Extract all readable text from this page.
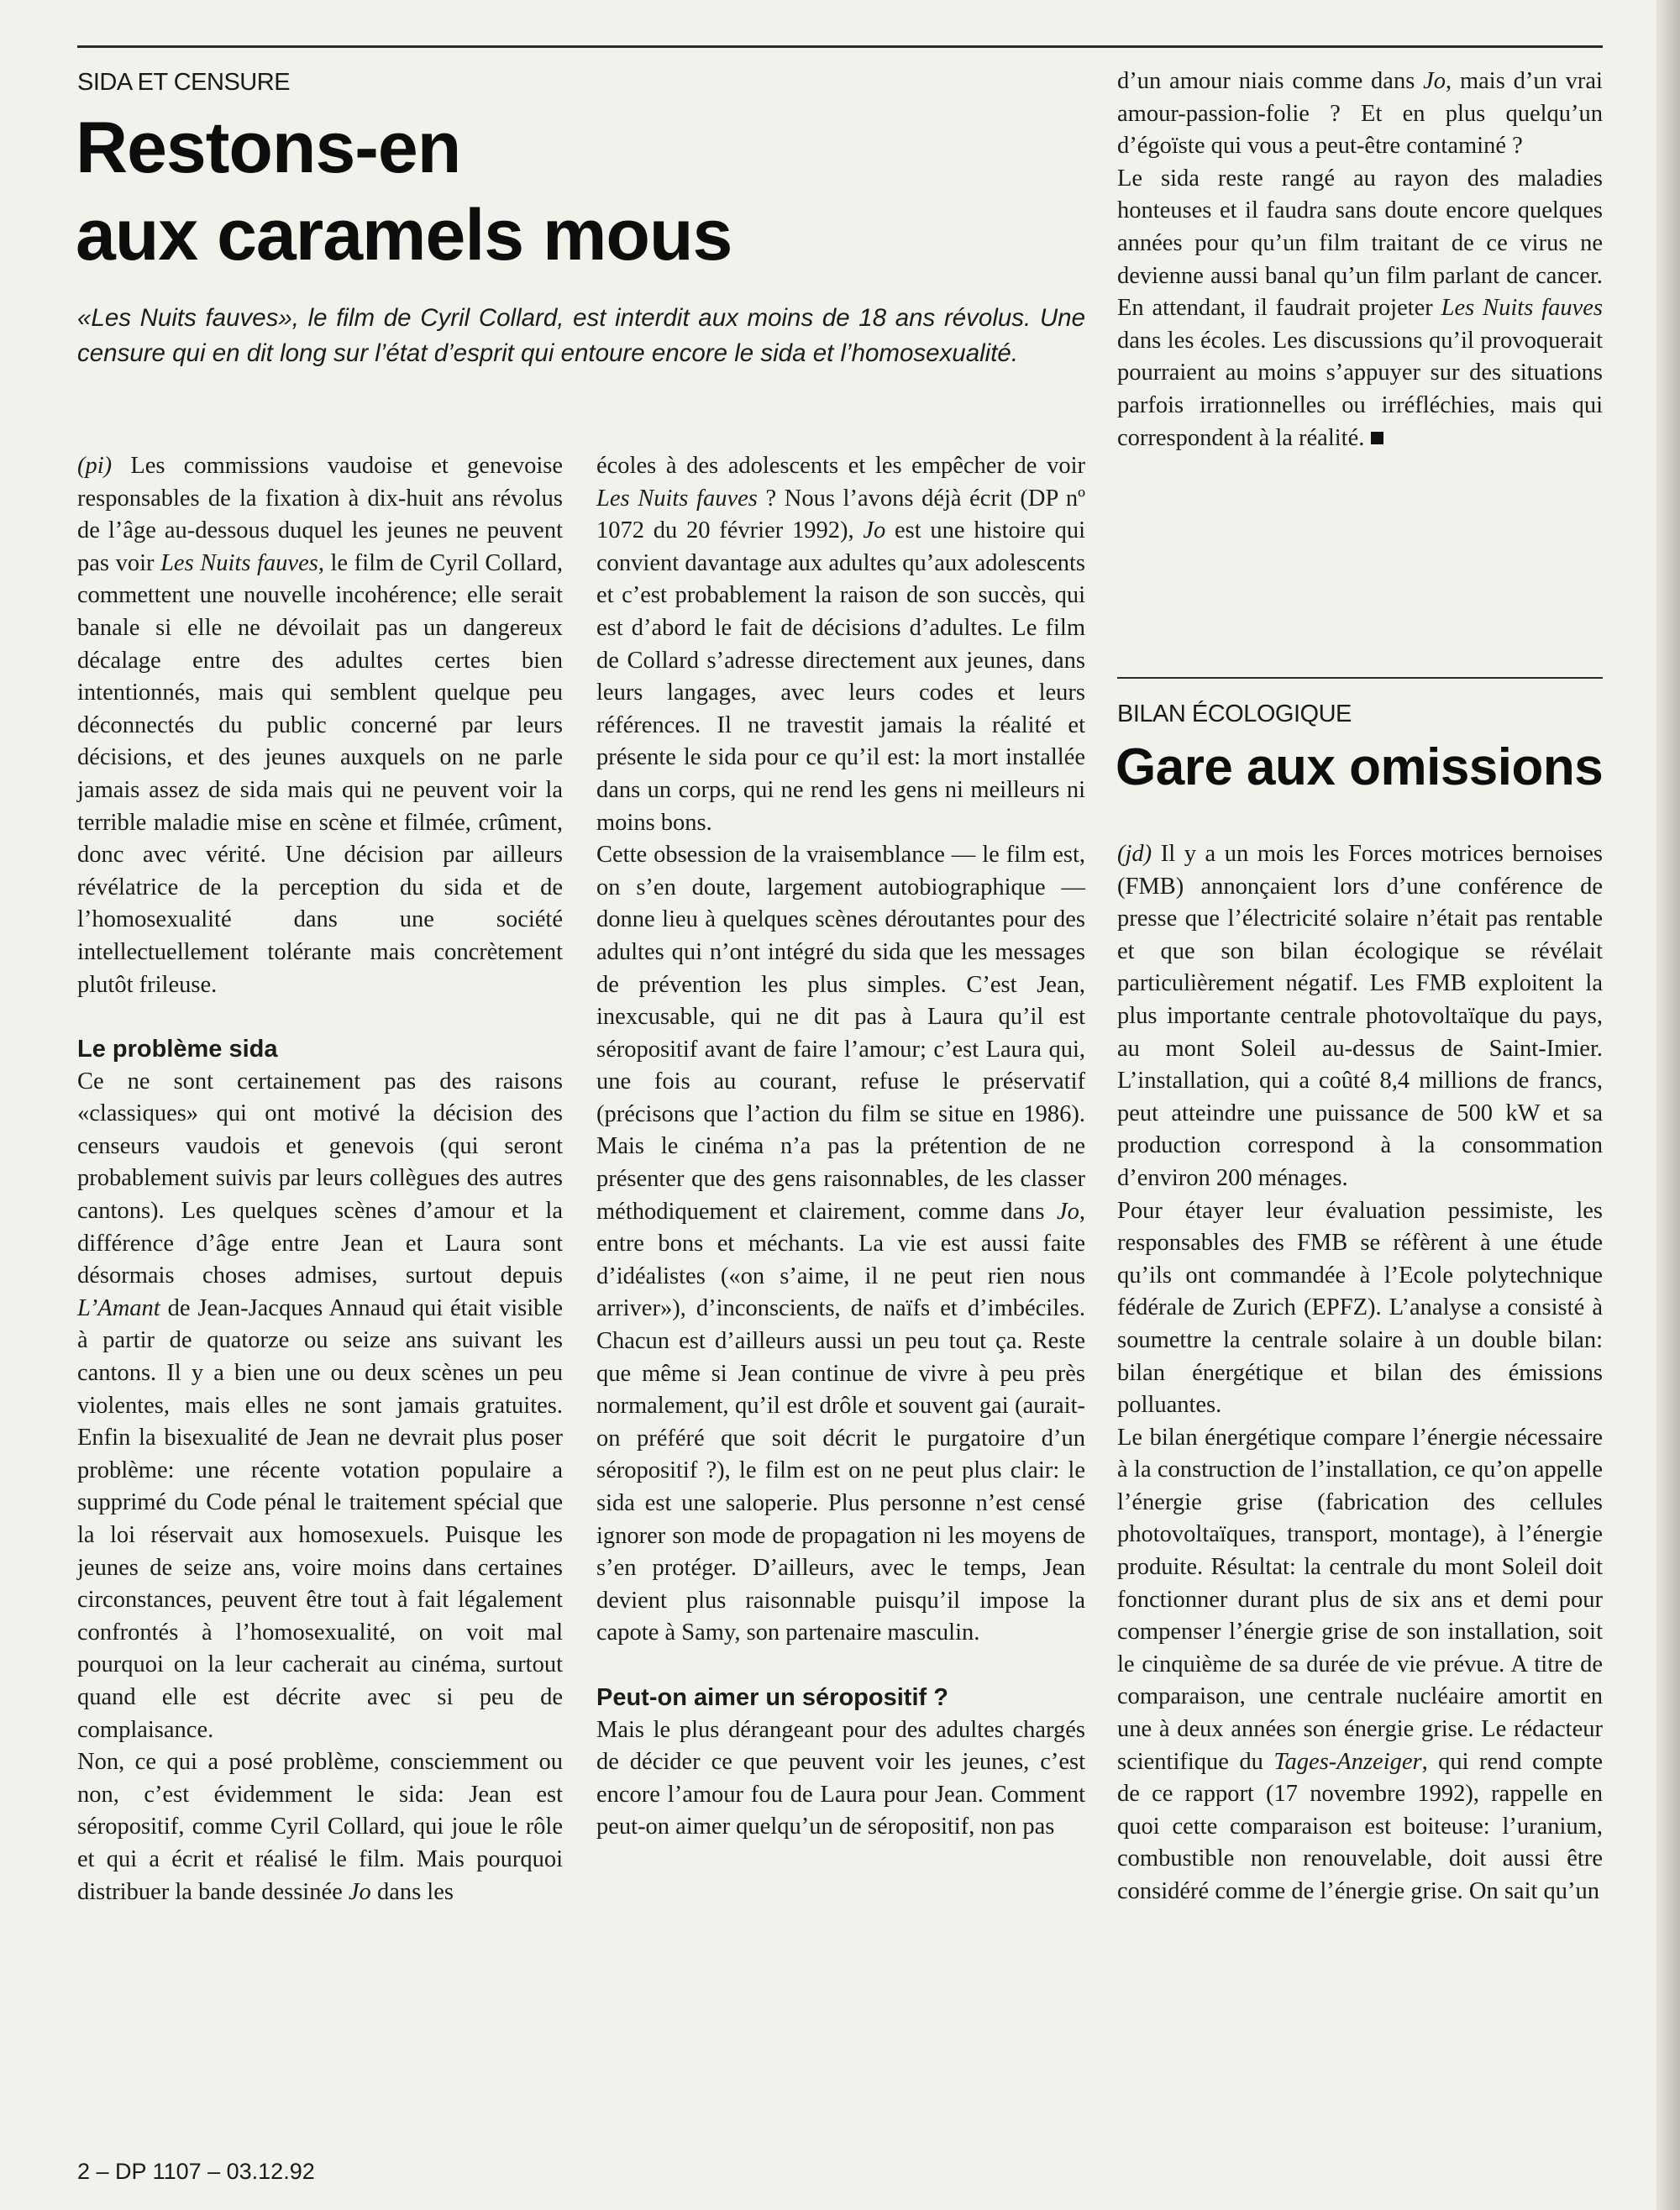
SIDA ET CENSURE
Restons-en
aux caramels mous

«Les Nuits fauves», le film de Cyril Collard, est interdit aux moins de 18 ans révolus. Une censure qui en dit long sur l’état d’esprit qui entoure encore le sida et l’homosexualité.

(pi) Les commissions vaudoise et genevoise responsables de la fixation à dix-huit ans révolus de l’âge au-dessous duquel les jeunes ne peuvent pas voir Les Nuits fauves, le film de Cyril Collard, commettent une nouvelle incohérence; elle serait banale si elle ne dévoilait pas un dangereux décalage entre des adultes certes bien intentionnés, mais qui semblent quelque peu déconnectés du public concerné par leurs décisions, et des jeunes auxquels on ne parle jamais assez de sida mais qui ne peuvent voir la terrible maladie mise en scène et filmée, crûment, donc avec vérité. Une décision par ailleurs révélatrice de la perception du sida et de l’homosexualité dans une société intellectuellement tolérante mais concrètement plutôt frileuse.

Le problème sida

Ce ne sont certainement pas des raisons «classiques» qui ont motivé la décision des censeurs vaudois et genevois (qui seront probablement suivis par leurs collègues des autres cantons). Les quelques scènes d’amour et la différence d’âge entre Jean et Laura sont désormais choses admises, surtout depuis L’Amant de Jean-Jacques Annaud qui était visible à partir de quatorze ou seize ans suivant les cantons. Il y a bien une ou deux scènes un peu violentes, mais elles ne sont jamais gratuites. Enfin la bisexualité de Jean ne devrait plus poser problème: une récente votation populaire a supprimé du Code pénal le traitement spécial que la loi réservait aux homosexuels. Puisque les jeunes de seize ans, voire moins dans certaines circonstances, peuvent être tout à fait légalement confrontés à l’homosexualité, on voit mal pourquoi on la leur cacherait au cinéma, surtout quand elle est décrite avec si peu de complaisance.

Non, ce qui a posé problème, consciemment ou non, c’est évidemment le sida: Jean est séropositif, comme Cyril Collard, qui joue le rôle et qui a écrit et réalisé le film. Mais pourquoi distribuer la bande dessinée Jo dans les

écoles à des adolescents et les empêcher de voir Les Nuits fauves ? Nous l’avons déjà écrit (DP nº 1072 du 20 février 1992), Jo est une histoire qui convient davantage aux adultes qu’aux adolescents et c’est probablement la raison de son succès, qui est d’abord le fait de décisions d’adultes. Le film de Collard s’adresse directement aux jeunes, dans leurs langages, avec leurs codes et leurs références. Il ne travestit jamais la réalité et présente le sida pour ce qu’il est: la mort installée dans un corps, qui ne rend les gens ni meilleurs ni moins bons.

Cette obsession de la vraisemblance — le film est, on s’en doute, largement autobiographique — donne lieu à quelques scènes déroutantes pour des adultes qui n’ont intégré du sida que les messages de prévention les plus simples. C’est Jean, inexcusable, qui ne dit pas à Laura qu’il est séropositif avant de faire l’amour; c’est Laura qui, une fois au courant, refuse le préservatif (précisons que l’action du film se situe en 1986). Mais le cinéma n’a pas la prétention de ne présenter que des gens raisonnables, de les classer méthodiquement et clairement, comme dans Jo, entre bons et méchants. La vie est aussi faite d’idéalistes («on s’aime, il ne peut rien nous arriver»), d’inconscients, de naïfs et d’imbéciles. Chacun est d’ailleurs aussi un peu tout ça. Reste que même si Jean continue de vivre à peu près normalement, qu’il est drôle et souvent gai (aurait-on préféré que soit décrit le purgatoire d’un séropositif ?), le film est on ne peut plus clair: le sida est une saloperie. Plus personne n’est censé ignorer son mode de propagation ni les moyens de s’en protéger. D’ailleurs, avec le temps, Jean devient plus raisonnable puisqu’il impose la capote à Samy, son partenaire masculin.

Peut-on aimer un séropositif ?

Mais le plus dérangeant pour des adultes chargés de décider ce que peuvent voir les jeunes, c’est encore l’amour fou de Laura pour Jean. Comment peut-on aimer quelqu’un de séropositif, non pas

d’un amour niais comme dans Jo, mais d’un vrai amour-passion-folie ? Et en plus quelqu’un d’égoïste qui vous a peut-être contaminé ?

Le sida reste rangé au rayon des maladies honteuses et il faudra sans doute encore quelques années pour qu’un film traitant de ce virus ne devienne aussi banal qu’un film parlant de cancer. En attendant, il faudrait projeter Les Nuits fauves dans les écoles. Les discussions qu’il provoquerait pourraient au moins s’appuyer sur des situations parfois irrationnelles ou irréfléchies, mais qui correspondent à la réalité.

BILAN ÉCOLOGIQUE
Gare aux omissions

(jd) Il y a un mois les Forces motrices bernoises (FMB) annonçaient lors d’une conférence de presse que l’électricité solaire n’était pas rentable et que son bilan écologique se révélait particulièrement négatif. Les FMB exploitent la plus importante centrale photovoltaïque du pays, au mont Soleil au-dessus de Saint-Imier. L’installation, qui a coûté 8,4 millions de francs, peut atteindre une puissance de 500 kW et sa production correspond à la consommation d’environ 200 ménages.

Pour étayer leur évaluation pessimiste, les responsables des FMB se réfèrent à une étude qu’ils ont commandée à l’Ecole polytechnique fédérale de Zurich (EPFZ). L’analyse a consisté à soumettre la centrale solaire à un double bilan: bilan énergétique et bilan des émissions polluantes.

Le bilan énergétique compare l’énergie nécessaire à la construction de l’installation, ce qu’on appelle l’énergie grise (fabrication des cellules photovoltaïques, transport, montage), à l’énergie produite. Résultat: la centrale du mont Soleil doit fonctionner durant plus de six ans et demi pour compenser l’énergie grise de son installation, soit le cinquième de sa durée de vie prévue. A titre de comparaison, une centrale nucléaire amortit en une à deux années son énergie grise. Le rédacteur scientifique du Tages-Anzeiger, qui rend compte de ce rapport (17 novembre 1992), rappelle en quoi cette comparaison est boiteuse: l’uranium, combustible non renouvelable, doit aussi être considéré comme de l’énergie grise. On sait qu’un

2 – DP 1107 – 03.12.92
